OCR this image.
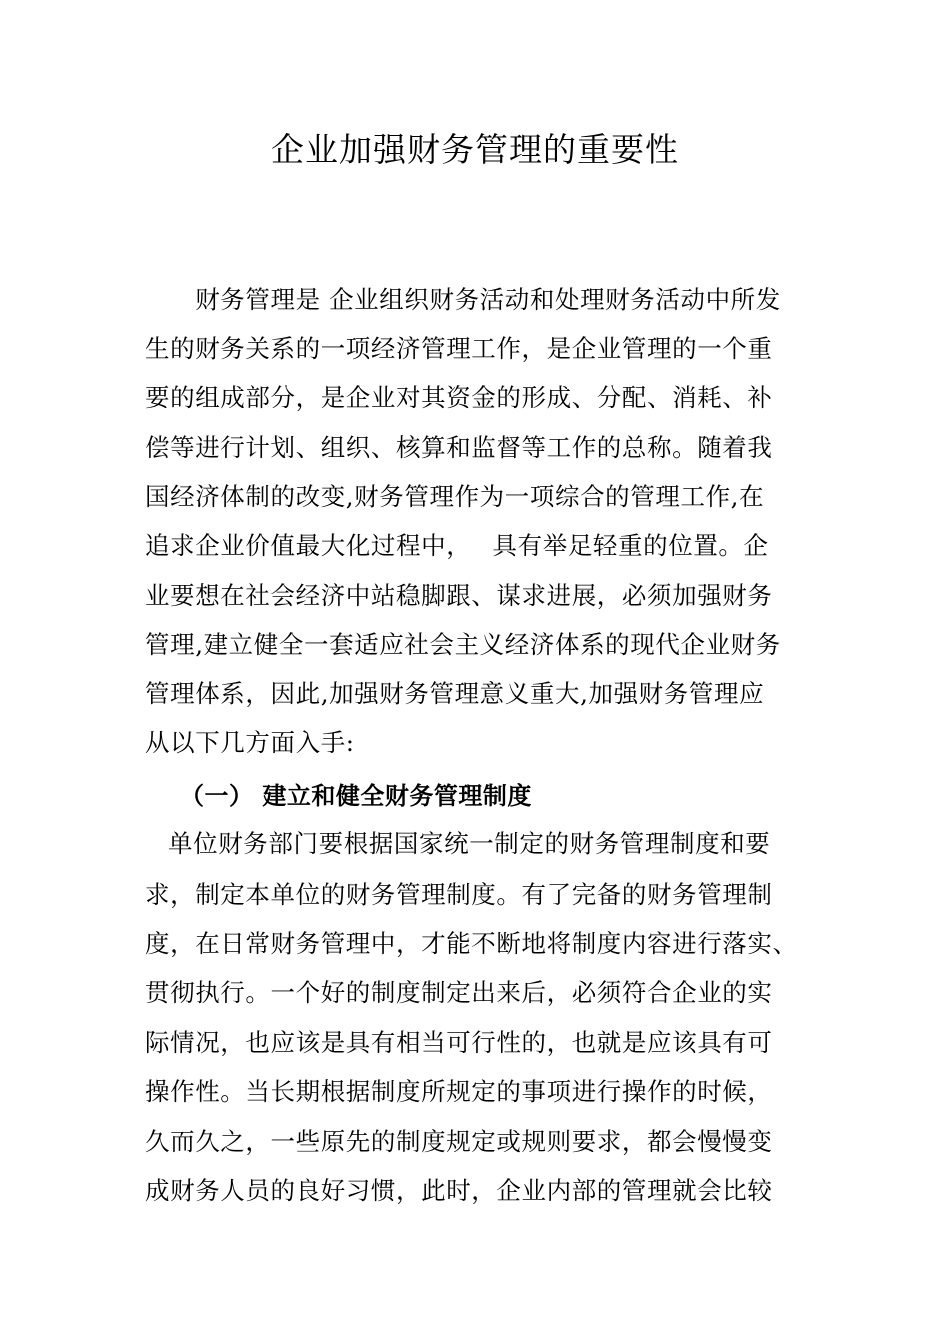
企业加强财务管理的重要性
　　财务管理是 企业组织财务活动和处理财务活动中所发
生的财务关系的一项经济管理工作，是企业管理的一个重
要的组成部分，是企业对其资金的形成、分配、消耗、补
偿等进行计划、组织、核算和监督等工作的总称。随着我
国经济体制的改变,财务管理作为一项综合的管理工作,在
追求企业价值最大化过程中，　 具有举足轻重的位置。企
业要想在社会经济中站稳脚跟、谋求进展，必须加强财务
管理,建立健全一套适应社会主义经济体系的现代企业财务
管理体系，因此,加强财务管理意义重大,加强财务管理应
从以下几方面入手:
（一） 建立和健全财务管理制度
单位财务部门要根据国家统一制定的财务管理制度和要
求，制定本单位的财务管理制度。有了完备的财务管理制
度，在日常财务管理中，才能不断地将制度内容进行落实、
贯彻执行。一个好的制度制定出来后，必须符合企业的实
际情况，也应该是具有相当可行性的，也就是应该具有可
操作性。当长期根据制度所规定的事项进行操作的时候，
久而久之，一些原先的制度规定或规则要求，都会慢慢变
成财务人员的良好习惯，此时，企业内部的管理就会比较
